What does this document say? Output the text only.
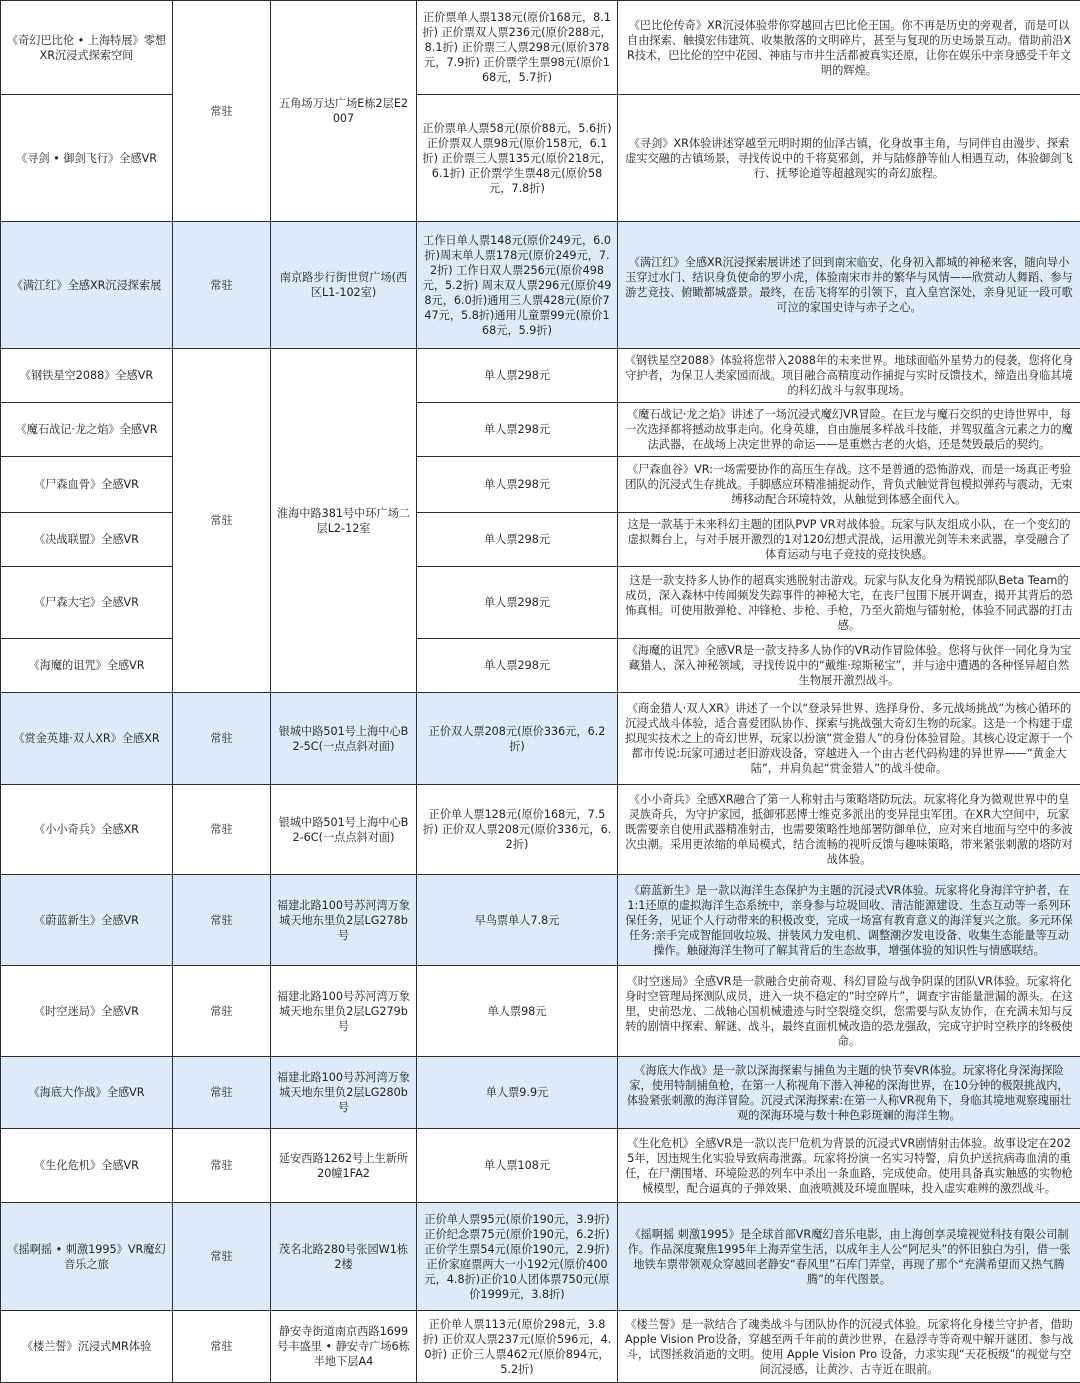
《奇幻巴比伦 • 上海特展》零想XR沉浸式探索空间	常驻	五角场万达广场E栋2层E2007	正价票单人票138元(原价168元，8.1折) 正价票双人票236元(原价288元，8.1折) 正价票三人票298元(原价378元，7.9折) 正价票学生票98元(原价168元，5.7折)	《巴比伦传奇》XR沉浸体验带你穿越回古巴比伦王国。你不再是历史的旁观者，而是可以自由探索、触摸宏伟建筑、收集散落的文明碎片，甚至与复现的历史场景互动。借助前沿XR技术，巴比伦的空中花园、神庙与市井生活都被真实还原，让你在娱乐中亲身感受千年文明的辉煌。
《寻剑 • 御剑飞行》全感VR			正价票单人票58元(原价88元，5.6折) 正价票双人票98元(原价158元，6.1折) 正价票三人票135元(原价218元，6.1折) 正价票学生票48元(原价58元，7.8折)	《寻剑》XR体验讲述穿越至元明时期的仙泽古镇，化身故事主角，与同伴自由漫步、探索虚实交融的古镇场景，寻找传说中的千将莫邪剑，并与陆修静等仙人相遇互动，体验御剑飞行、抚琴论道等超越现实的奇幻旅程。
《满江红》全感XR沉浸探索展	常驻	南京路步行街世贸广场(西区L1-102室)	工作日单人票148元(原价249元，6.0折)周末单人票178元(原价249元，7.2折) 工作日双人票256元(原价498元，5.2折) 周末双人票296元(原价498元，6.0折)通用三人票428元(原价747元，5.8折)通用儿童票99元(原价168元，5.9折)	《满江红》全感XR沉浸探索展讲述了回到南宋临安，化身初入都城的神秘来客，随向导小玉穿过水门、结识身负使命的罗小虎，体验南宋市井的繁华与风情——欣赏动人舞蹈、参与游艺竞技、俯瞰都城盛景。最终，在岳飞将军的引领下，直入皇宫深处，亲身见证一段可歌可泣的家国史诗与赤子之心。
《钢铁星空2088》全感VR	常驻	淮海中路381号中环广场二层L2-12室	单人票298元	《钢铁星空2088》体验将您带入2088年的未来世界。地球面临外星势力的侵袭，您将化身守护者，为保卫人类家园而战。项目融合高精度动作捕捉与实时反馈技术，缔造出身临其境的科幻战斗与叙事现场。
《魔石战记·龙之焰》全感VR			单人票298元	《魔石战记·龙之焰》讲述了一场沉浸式魔幻VR冒险。在巨龙与魔石交织的史诗世界中，每一次选择都将撼动故事走向。化身英雄，自由施展多样战斗技能，并驾驭蕴含元素之力的魔法武器，在战场上决定世界的命运——是重燃古老的火焰，还是焚毁最后的契约。
《尸森血骨》全感VR			单人票298元	《尸森血谷》VR:一场需要协作的高压生存战。这不是普通的恐怖游戏，而是一场真正考验团队的沉浸式生存挑战。手脚感应环精准捕捉动作，背负式触觉背包模拟弹药与震动，无束缚移动配合环境特效，从触觉到体感全面代入。
《决战联盟》全感VR			单人票298元	这是一款基于未来科幻主题的团队PVP VR对战体验。玩家与队友组成小队，在一个变幻的虚拟舞台上，与对手展开激烈的1对120幻想式混战，运用激光剑等未来武器，享受融合了体育运动与电子竞技的竞技快感。
《尸森大宅》全感VR			单人票298元	这是一款支持多人协作的超真实逃脱射击游戏。玩家与队友化身为精锐部队Beta Team的成员，深入森林中传闻频发失踪事件的神秘大宅，在丧尸包围下展开调查，揭开其背后的恐怖真相。可使用散弹枪、冲锋枪、步枪、手枪，乃至火箭炮与镭射枪，体验不同武器的打击感。
《海魔的诅咒》全感VR			单人票298元	《海魔的诅咒》全感VR是一款支持多人协作的VR动作冒险体验。您将与伙伴一同化身为宝藏猎人，深入神秘领域，寻找传说中的“戴维·琼斯秘宝”，并与途中遭遇的各种怪异超自然生物展开激烈战斗。
《赏金英雄·双人XR》全感XR	常驻	银城中路501号上海中心B2-5C(一点点斜对面)	正价双人票208元(原价336元，6.2折)	《商金猎人·双人XR》讲述了一个以“登录异世界、选择身份、多元战场挑战”为核心循环的沉浸式战斗体验，适合喜爱团队协作、探索与挑战强大奇幻生物的玩家。这是一个构建于虚拟现实技术之上的奇幻世界，玩家以扮演“赏金猎人”的身份体验冒险。其核心设定源于一个都市传说:玩家可通过老旧游戏设备，穿越进入一个由古老代码构建的异世界——“黄金大陆”，并肩负起“赏金猎人”的战斗使命。
《小小奇兵》全感XR	常驻	银城中路501号上海中心B2-6C(一点点斜对面)	正价单人票128元(原价168元，7.5折) 正价双人票208元(原价336元，6.2折)	《小小奇兵》全感XR融合了第一人称射击与策略塔防玩法。玩家将化身为微观世界中的皇灵族奇兵，为守护家园，抵御邪恶博士维克多派出的变异昆虫军团。在XR大空间中，玩家既需要亲自使用武器精准射击，也需要策略性地部署防御单位，应对来自地面与空中的多波次虫潮。采用更浓缩的单局模式，结合流畅的视听反馈与趣味策略，带来紧张刺激的塔防对战体验。
《蔚蓝新生》全感VR	常驻	福建北路100号苏河湾万象城天地东里负2层LG278b号	早鸟票单人7.8元	《蔚蓝新生》是一款以海洋生态保护为主题的沉浸式VR体验。玩家将化身海洋守护者，在1:1还原的虚拟海洋生态系统中，亲身参与垃圾回收、清洁能源建设、生态互动等一系列环保任务，见证个人行动带来的积极改变，完成一场富有教育意义的海洋复兴之旅。多元环保任务:亲手完成智能回收垃圾、拼装风力发电机、调整潮汐发电设备、收集生态能量等互动操作。触碰海洋生物可了解其背后的生态故事，增强体验的知识性与情感联结。
《时空迷局》全感VR	常驻	福建北路100号苏河湾万象城天地东里负2层LG279b号	单人票98元	《时空迷局》全感VR是一款融合史前奇观、科幻冒险与战争阴谋的团队VR体验。玩家将化身时空管理局探测队成员，进入一块不稳定的“时空碎片”，调查宇宙能量泄漏的源头。在这里，史前恐龙、二战轴心国机械遗迹与时空裂缝交织，您需要与队友协作，在充满未知与反转的剧情中探索、解谜、战斗，最终直面机械改造的恐龙强敌，完成守护时空秩序的终极使命。
《海底大作战》全感VR	常驻	福建北路100号苏河湾万象城天地东里负2层LG280b号	单人票9.9元	《海底大作战》是一款以深海探索与捕鱼为主题的快节奏VR体验。玩家将化身深海探险家，使用特制捕鱼枪，在第一人称视角下潜入神秘的深海世界，在10分钟的极限挑战内，体验紧张刺激的海洋冒险。沉浸式深海探索:在第一人称VR视角下，身临其境地观察瑰丽壮观的深海环境与数十种色彩斑斓的海洋生物。
《生化危机》全感VR	常驻	延安西路1262号上生新所20幢1FA2	单人票108元	《生化危机》全感VR是一款以丧尸危机为背景的沉浸式VR剧情射击体验。故事设定在2025年，因违规生化实验导致病毒泄露。玩家将扮演一名实习特警，肩负护送抗病毒血清的重任，在尸潮围堵、环境险恶的列车中杀出一条血路，完成使命。使用具备真实触感的实物枪械模型，配合逼真的子弹效果、血液喷溅及环境血腥味，投入虚实难辨的激烈战斗。
《摇啊摇 • 刺激1995》VR魔幻音乐之旅	常驻	茂名北路280号张园W1栋2楼	正价单人票95元(原价190元，3.9折) 正价纪念票75元(原价190元，6.2折) 正价学生票54元(原价190元，2.9折) 正价家庭票两大一小192元(原价400元，4.8折)正价10人团体票750元(原价1999元，3.8折)	《摇啊摇 刺激1995》是全球首部VR魔幻音乐电影，由上海创享灵境视觉科技有限公司制作。作品深度聚焦1995年上海弄堂生活，以成年主人公“阿尼头”的怀旧独白为引，借一张地铁车票带领观众穿越回老静安“春风里”石库门弄堂，再现了那个“充满希望而又热气腾腾”的年代图景。
《楼兰誓》沉浸式MR体验	常驻	静安寺街道南京西路1699号丰盛里 • 静安寺广场6栋半地下层A4	正价单人票113元(原价298元，3.8折) 正价双人票237元(原价596元，4.0折) 正价三人票462元(原价894元，5.2折)	《楼兰誓》是一款结合了魂类战斗与团队协作的沉浸式体验。玩家将化身楼兰守护者，借助Apple Vision Pro设备，穿越至两千年前的黄沙世界，在悬浮寺等奇观中解开谜团、参与战斗，试图拯救消逝的文明。使用 Apple Vision Pro 设备，力求实现“天花板级”的视觉与空间沉浸感，让黄沙、古寺近在眼前。
